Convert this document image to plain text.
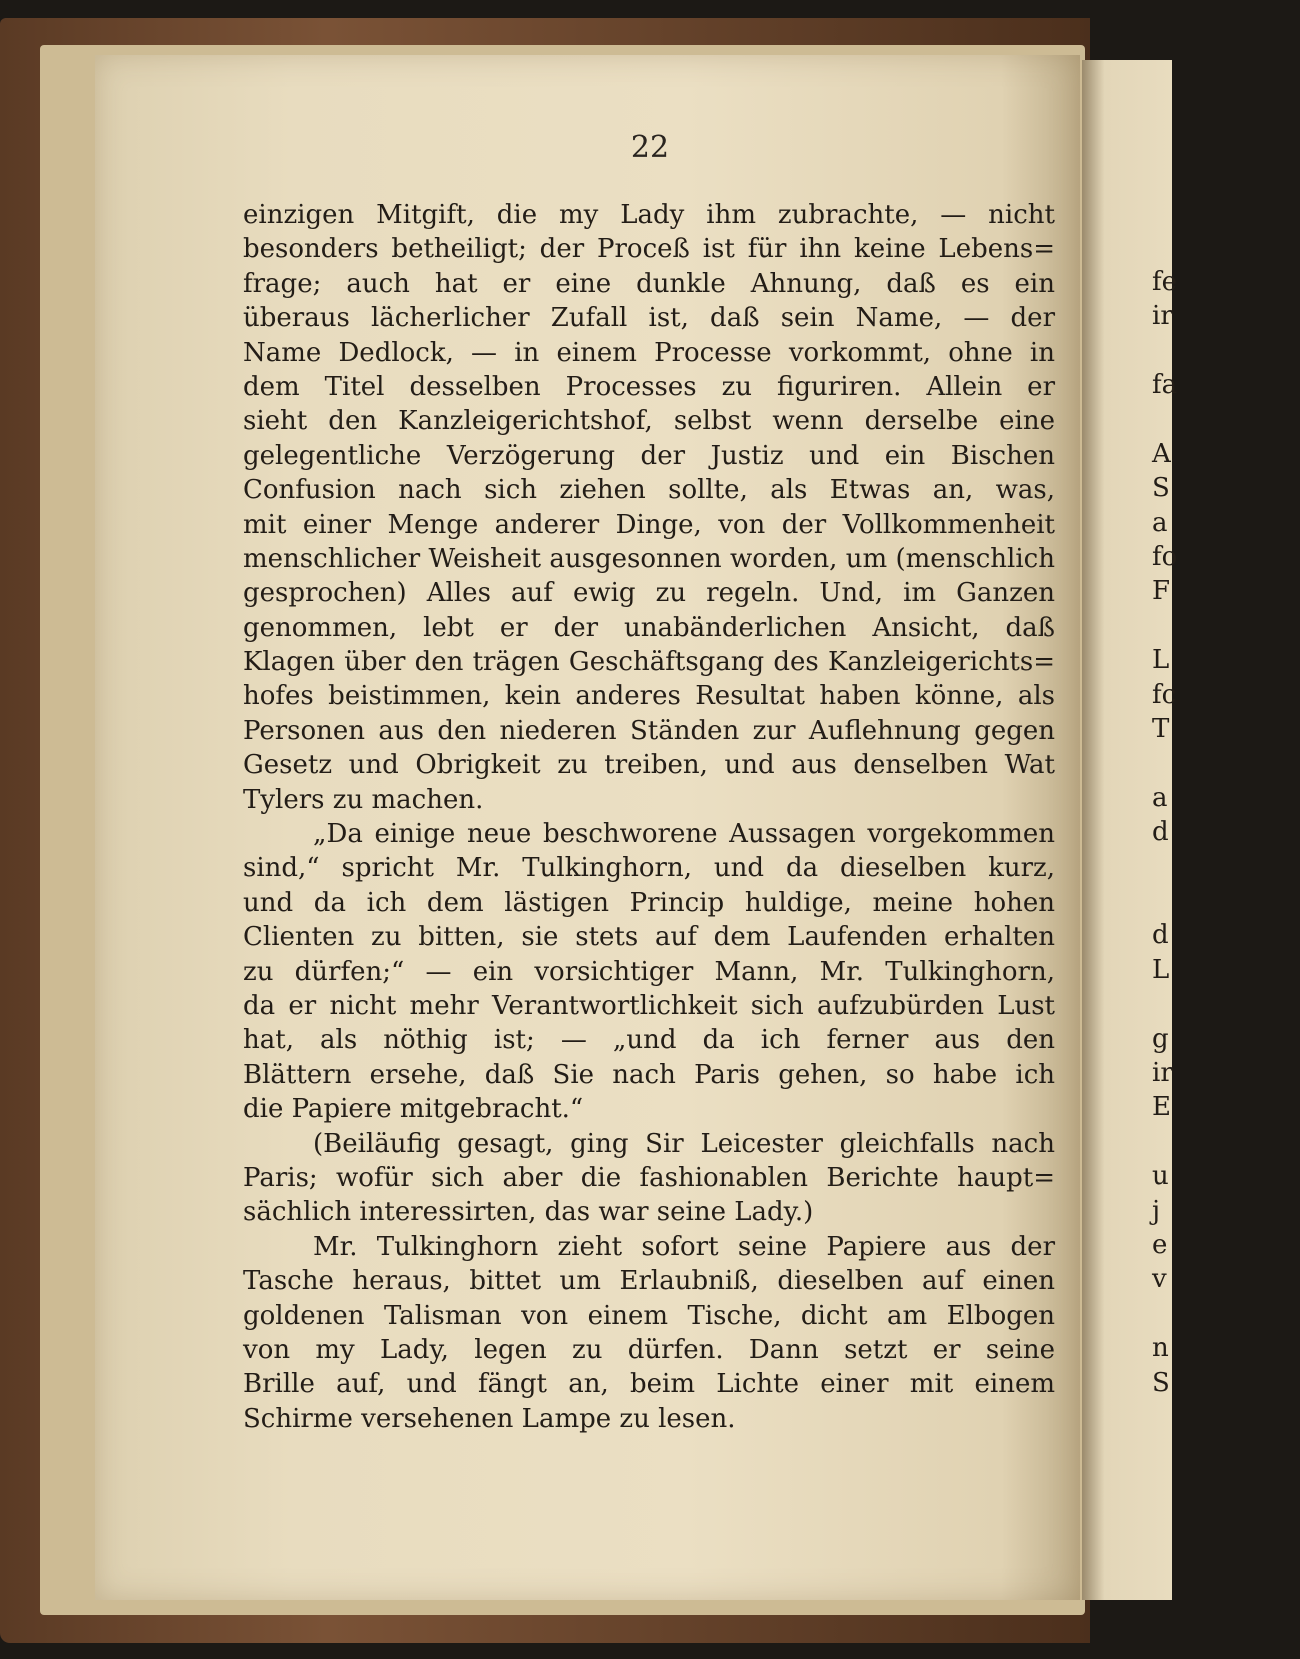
22
einzigen Mitgift, die my Lady ihm zubrachte, — nicht
besonders betheiligt; der Proceß ist für ihn keine Lebens=
frage; auch hat er eine dunkle Ahnung, daß es ein
überaus lächerlicher Zufall ist, daß sein Name, — der
Name Dedlock, — in einem Processe vorkommt, ohne in
dem Titel desselben Processes zu figuriren. Allein er
sieht den Kanzleigerichtshof, selbst wenn derselbe eine
gelegentliche Verzögerung der Justiz und ein Bischen
Confusion nach sich ziehen sollte, als Etwas an, was,
mit einer Menge anderer Dinge, von der Vollkommenheit
menschlicher Weisheit ausgesonnen worden, um (menschlich
gesprochen) Alles auf ewig zu regeln. Und, im Ganzen
genommen, lebt er der unabänderlichen Ansicht, daß
Klagen über den trägen Geschäftsgang des Kanzleigerichts=
hofes beistimmen, kein anderes Resultat haben könne, als
Personen aus den niederen Ständen zur Auflehnung gegen
Gesetz und Obrigkeit zu treiben, und aus denselben Wat
Tylers zu machen.
„Da einige neue beschworene Aussagen vorgekommen
sind,“ spricht Mr. Tulkinghorn, und da dieselben kurz,
und da ich dem lästigen Princip huldige, meine hohen
Clienten zu bitten, sie stets auf dem Laufenden erhalten
zu dürfen;“ — ein vorsichtiger Mann, Mr. Tulkinghorn,
da er nicht mehr Verantwortlichkeit sich aufzubürden Lust
hat, als nöthig ist; — „und da ich ferner aus den
Blättern ersehe, daß Sie nach Paris gehen, so habe ich
die Papiere mitgebracht.“
(Beiläufig gesagt, ging Sir Leicester gleichfalls nach
Paris; wofür sich aber die fashionablen Berichte haupt=
sächlich interessirten, das war seine Lady.)
Mr. Tulkinghorn zieht sofort seine Papiere aus der
Tasche heraus, bittet um Erlaubniß, dieselben auf einen
goldenen Talisman von einem Tische, dicht am Elbogen
von my Lady, legen zu dürfen. Dann setzt er seine
Brille auf, und fängt an, beim Lichte einer mit einem
Schirme versehenen Lampe zu lesen.
fe
ir
fa
A
S
a
fo
F
L
fc
T
a
d
d
L
g
ir
E
u
j
e
v
n
S
